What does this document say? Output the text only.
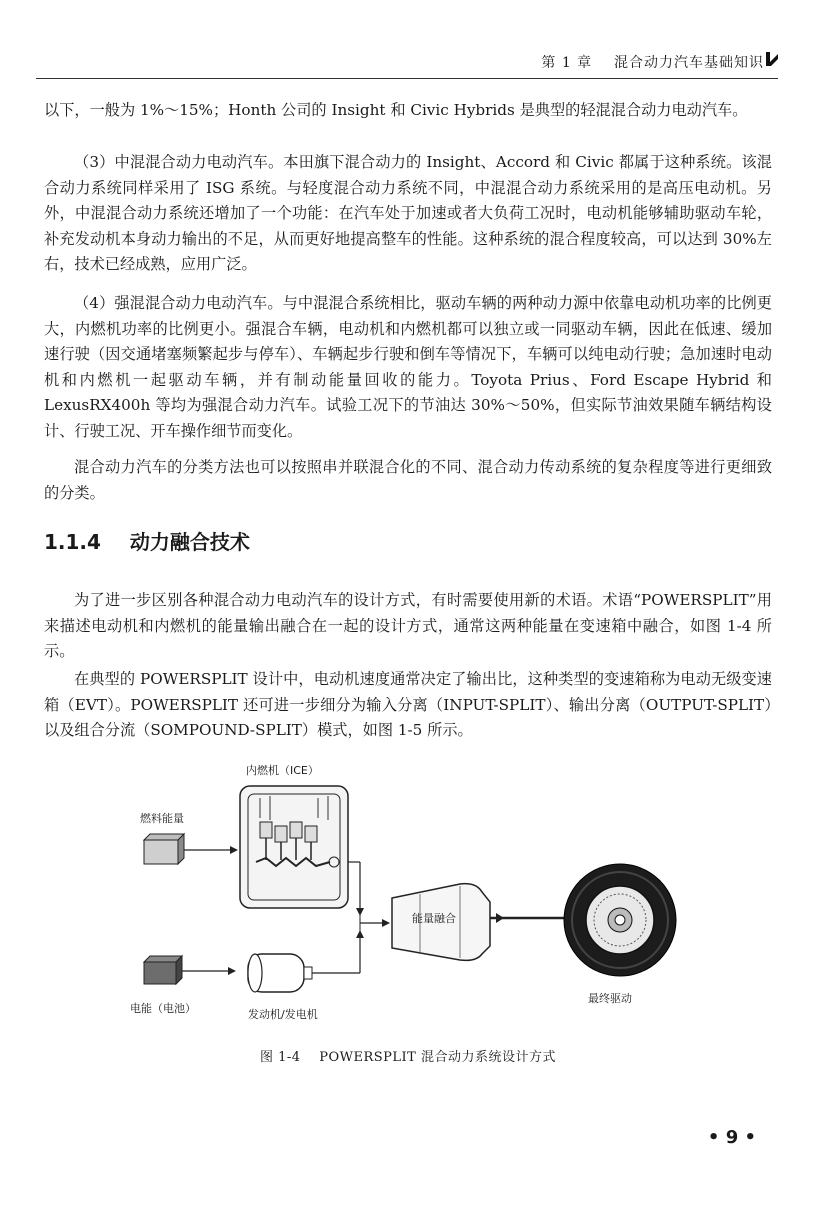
第 1 章 混合动力汽车基础知识

以下，一般为 1%～15%；Honth 公司的 Insight 和 Civic Hybrids 是典型的轻混混合动力电动汽车。

（3）中混混合动力电动汽车。本田旗下混合动力的 Insight、Accord 和 Civic 都属于这种系统。该混合动力系统同样采用了 ISG 系统。与轻度混合动力系统不同，中混混合动力系统采用的是高压电动机。另外，中混混合动力系统还增加了一个功能：在汽车处于加速或者大负荷工况时，电动机能够辅助驱动车轮，补充发动机本身动力输出的不足，从而更好地提高整车的性能。这种系统的混合程度较高，可以达到 30%左右，技术已经成熟，应用广泛。

（4）强混混合动力电动汽车。与中混混合系统相比，驱动车辆的两种动力源中依靠电动机功率的比例更大，内燃机功率的比例更小。强混合车辆，电动机和内燃机都可以独立或一同驱动车辆，因此在低速、缓加速行驶（因交通堵塞频繁起步与停车）、车辆起步行驶和倒车等情况下，车辆可以纯电动行驶；急加速时电动机和内燃机一起驱动车辆，并有制动能量回收的能力。Toyota Prius、Ford Escape Hybrid 和 LexusRX400h 等均为强混合动力汽车。试验工况下的节油达 30%～50%，但实际节油效果随车辆结构设计、行驶工况、开车操作细节而变化。

混合动力汽车的分类方法也可以按照串并联混合化的不同、混合动力传动系统的复杂程度等进行更细致的分类。

1.1.4 动力融合技术

为了进一步区别各种混合动力电动汽车的设计方式，有时需要使用新的术语。术语“POWERSPLIT”用来描述电动机和内燃机的能量输出融合在一起的设计方式，通常这两种能量在变速箱中融合，如图 1-4 所示。

在典型的 POWERSPLIT 设计中，电动机速度通常决定了输出比，这种类型的变速箱称为电动无级变速箱（EVT）。POWERSPLIT 还可进一步细分为输入分离（INPUT-SPLIT）、输出分离（OUTPUT-SPLIT）以及组合分流（SOMPOUND-SPLIT）模式，如图 1-5 所示。

内燃机（ICE）
燃料能量
能量融合
电能（电池）	发动机/发电机
最终驱动
图 1-4 POWERSPLIT 混合动力系统设计方式
• 9 •
